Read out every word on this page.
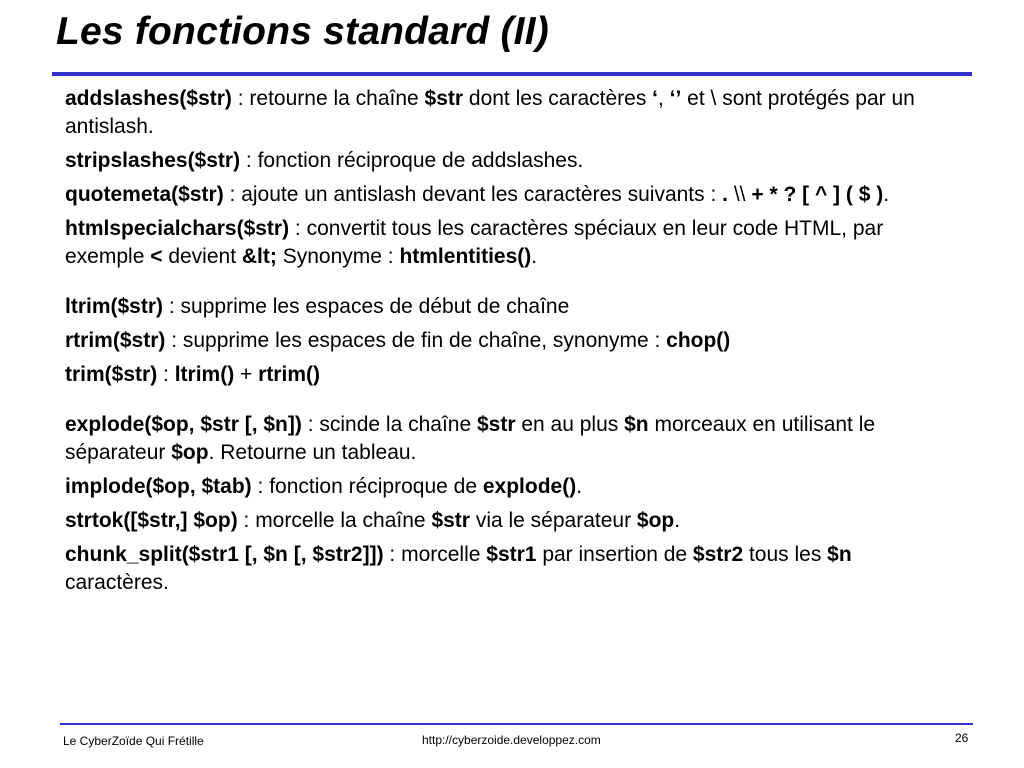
Les fonctions standard (II)

addslashes($str) : retourne la chaîne $str dont les caractères ‘, ‘’ et \ sont protégés par un antislash.

stripslashes($str) : fonction réciproque de addslashes.

quotemeta($str) : ajoute un antislash devant les caractères suivants : . \\ + * ? [ ^ ] ( $ ).

htmlspecialchars($str) : convertit tous les caractères spéciaux en leur code HTML, par exemple < devient &lt; Synonyme : htmlentities().

ltrim($str) : supprime les espaces de début de chaîne

rtrim($str) : supprime les espaces de fin de chaîne, synonyme : chop()

trim($str) : ltrim() + rtrim()

explode($op, $str [, $n]) : scinde la chaîne $str en au plus $n morceaux en utilisant le séparateur $op. Retourne un tableau.

implode($op, $tab) : fonction réciproque de explode().

strtok([$str,] $op) : morcelle la chaîne $str via le séparateur $op.

chunk_split($str1 [, $n [, $str2]]) : morcelle $str1 par insertion de $str2 tous les $n caractères.

Le CyberZoïde Qui Frétille	http://cyberzoide.developpez.com	26
